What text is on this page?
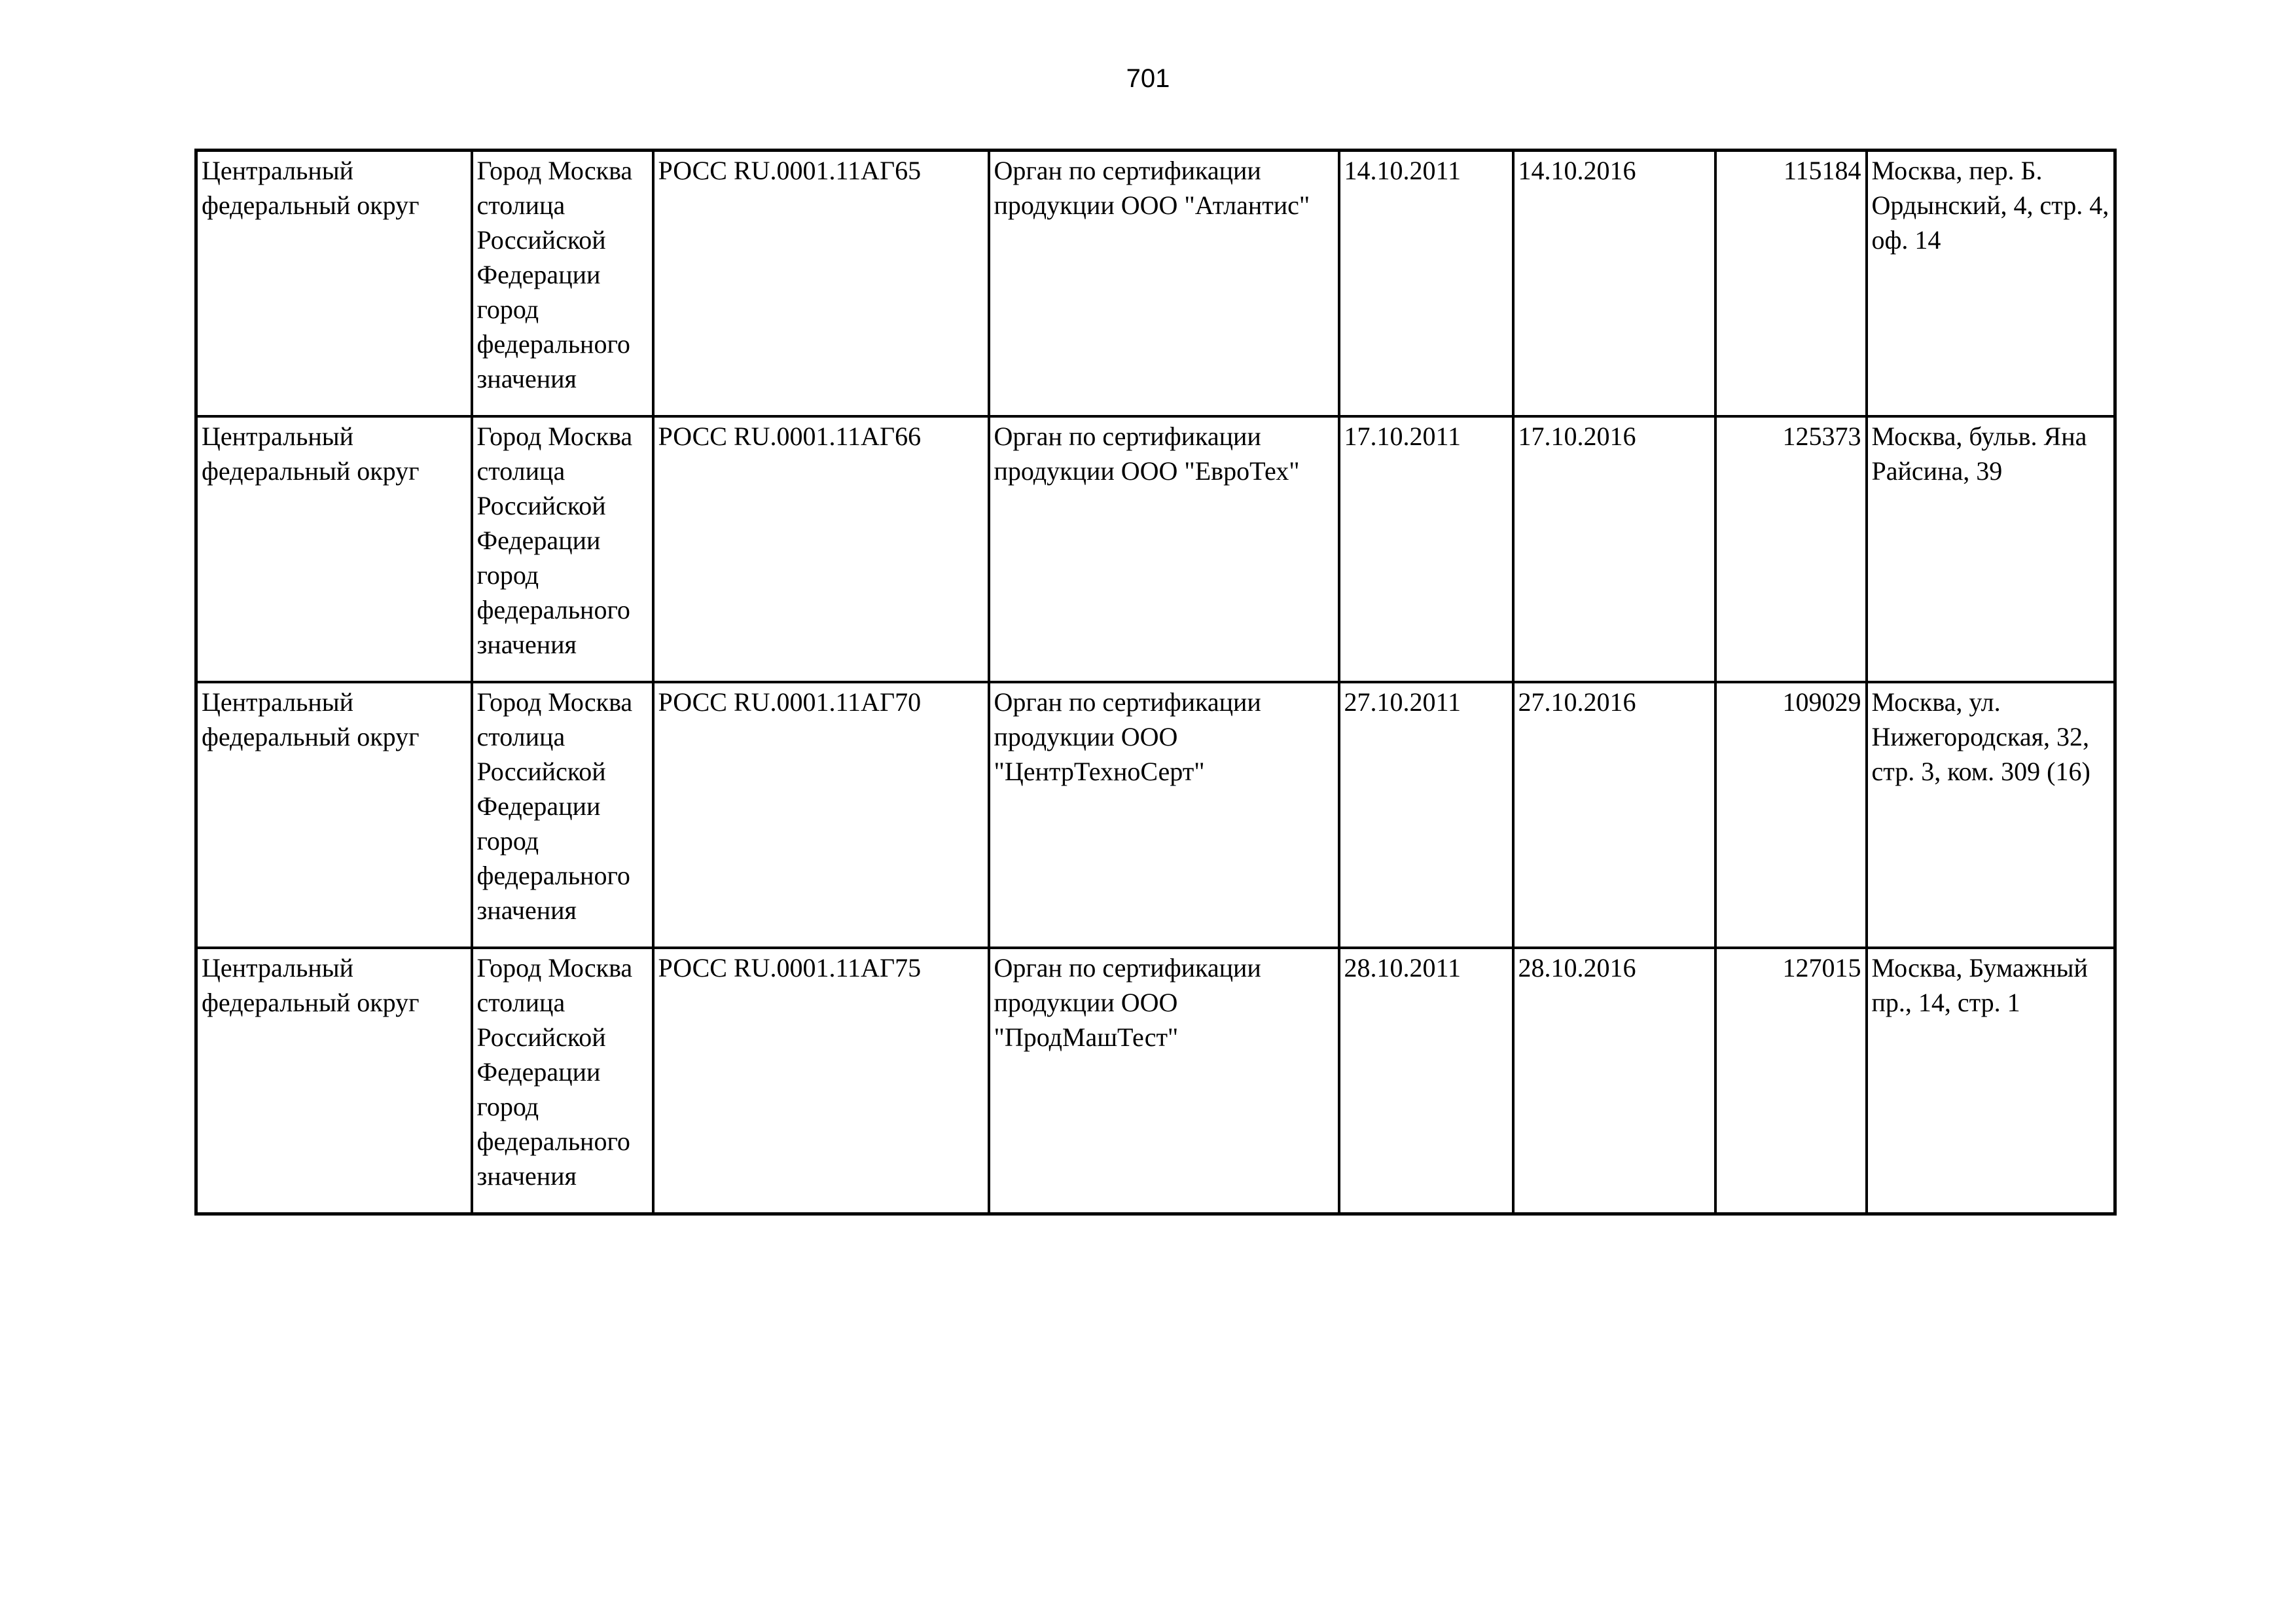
701
Центральный федеральный округ	Город Москва столица Российской Федерации город федерального значения	РОСС RU.0001.11АГ65	Орган по сертификации продукции ООО "Атлантис"	14.10.2011	14.10.2016	115184	Москва, пер. Б. Ордынский, 4, стр. 4, оф. 14

Центральный федеральный округ	Город Москва столица Российской Федерации город федерального значения	РОСС RU.0001.11АГ66	Орган по сертификации продукции ООО "ЕвроТех"	17.10.2011	17.10.2016	125373	Москва, бульв. Яна Райсина, 39

Центральный федеральный округ	Город Москва столица Российской Федерации город федерального значения	РОСС RU.0001.11АГ70	Орган по сертификации продукции ООО "ЦентрТехноСерт"	27.10.2011	27.10.2016	109029	Москва, ул. Нижегородская, 32, стр. 3, ком. 309 (16)

Центральный федеральный округ	Город Москва столица Российской Федерации город федерального значения	РОСС RU.0001.11АГ75	Орган по сертификации продукции ООО "ПродМашТест"	28.10.2011	28.10.2016	127015	Москва, Бумажный пр., 14, стр. 1
